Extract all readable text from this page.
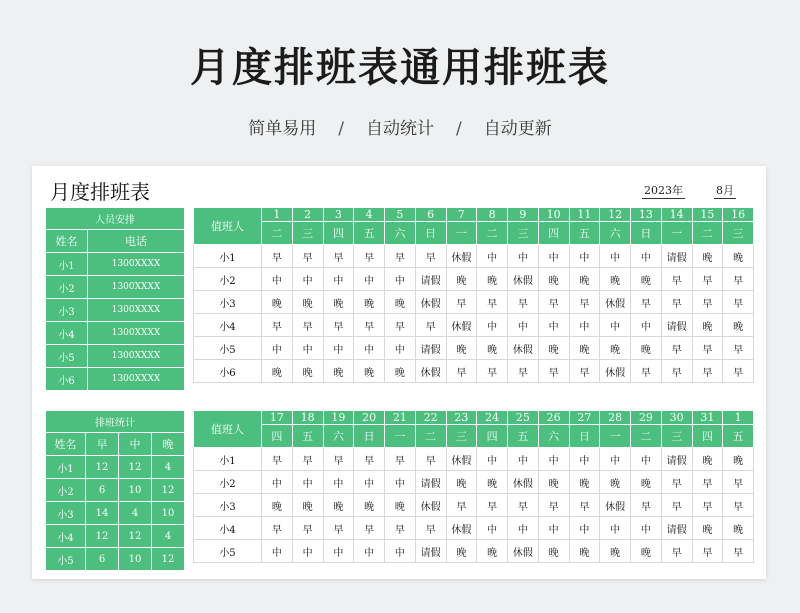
月度排班表通用排班表
简单易用 / 自动统计 / 自动更新
月度排班表	2023年	8月
人员安排	
姓名	电话
小1	1300XXXX
小2	1300XXXX
小3	1300XXXX
小4	1300XXXX
小5	1300XXXX
小6	1300XXXX
排班统计			
姓名	早	中	晚
小1	12	12	4
小2	6	10	12
小3	14	4	10
小4	12	12	4
小5	6	10	12
值班人	1	2	3	4	5	6	7	8	9	10	11	12	13	14	15	16
	二	三	四	五	六	日	一	二	三	四	五	六	日	一	二	三
小1	早	早	早	早	早	早	休假	中	中	中	中	中	中	请假	晚	晚
小2	中	中	中	中	中	请假	晚	晚	休假	晚	晚	晚	晚	早	早	早
小3	晚	晚	晚	晚	晚	休假	早	早	早	早	早	休假	早	早	早	早
小4	早	早	早	早	早	早	休假	中	中	中	中	中	中	请假	晚	晚
小5	中	中	中	中	中	请假	晚	晚	休假	晚	晚	晚	晚	早	早	早
小6	晚	晚	晚	晚	晚	休假	早	早	早	早	早	休假	早	早	早	早
值班人	17	18	19	20	21	22	23	24	25	26	27	28	29	30	31	1
	四	五	六	日	一	二	三	四	五	六	日	一	二	三	四	五
小1	早	早	早	早	早	早	休假	中	中	中	中	中	中	请假	晚	晚
小2	中	中	中	中	中	请假	晚	晚	休假	晚	晚	晚	晚	早	早	早
小3	晚	晚	晚	晚	晚	休假	早	早	早	早	早	休假	早	早	早	早
小4	早	早	早	早	早	早	休假	中	中	中	中	中	中	请假	晚	晚
小5	中	中	中	中	中	请假	晚	晚	休假	晚	晚	晚	晚	早	早	早
